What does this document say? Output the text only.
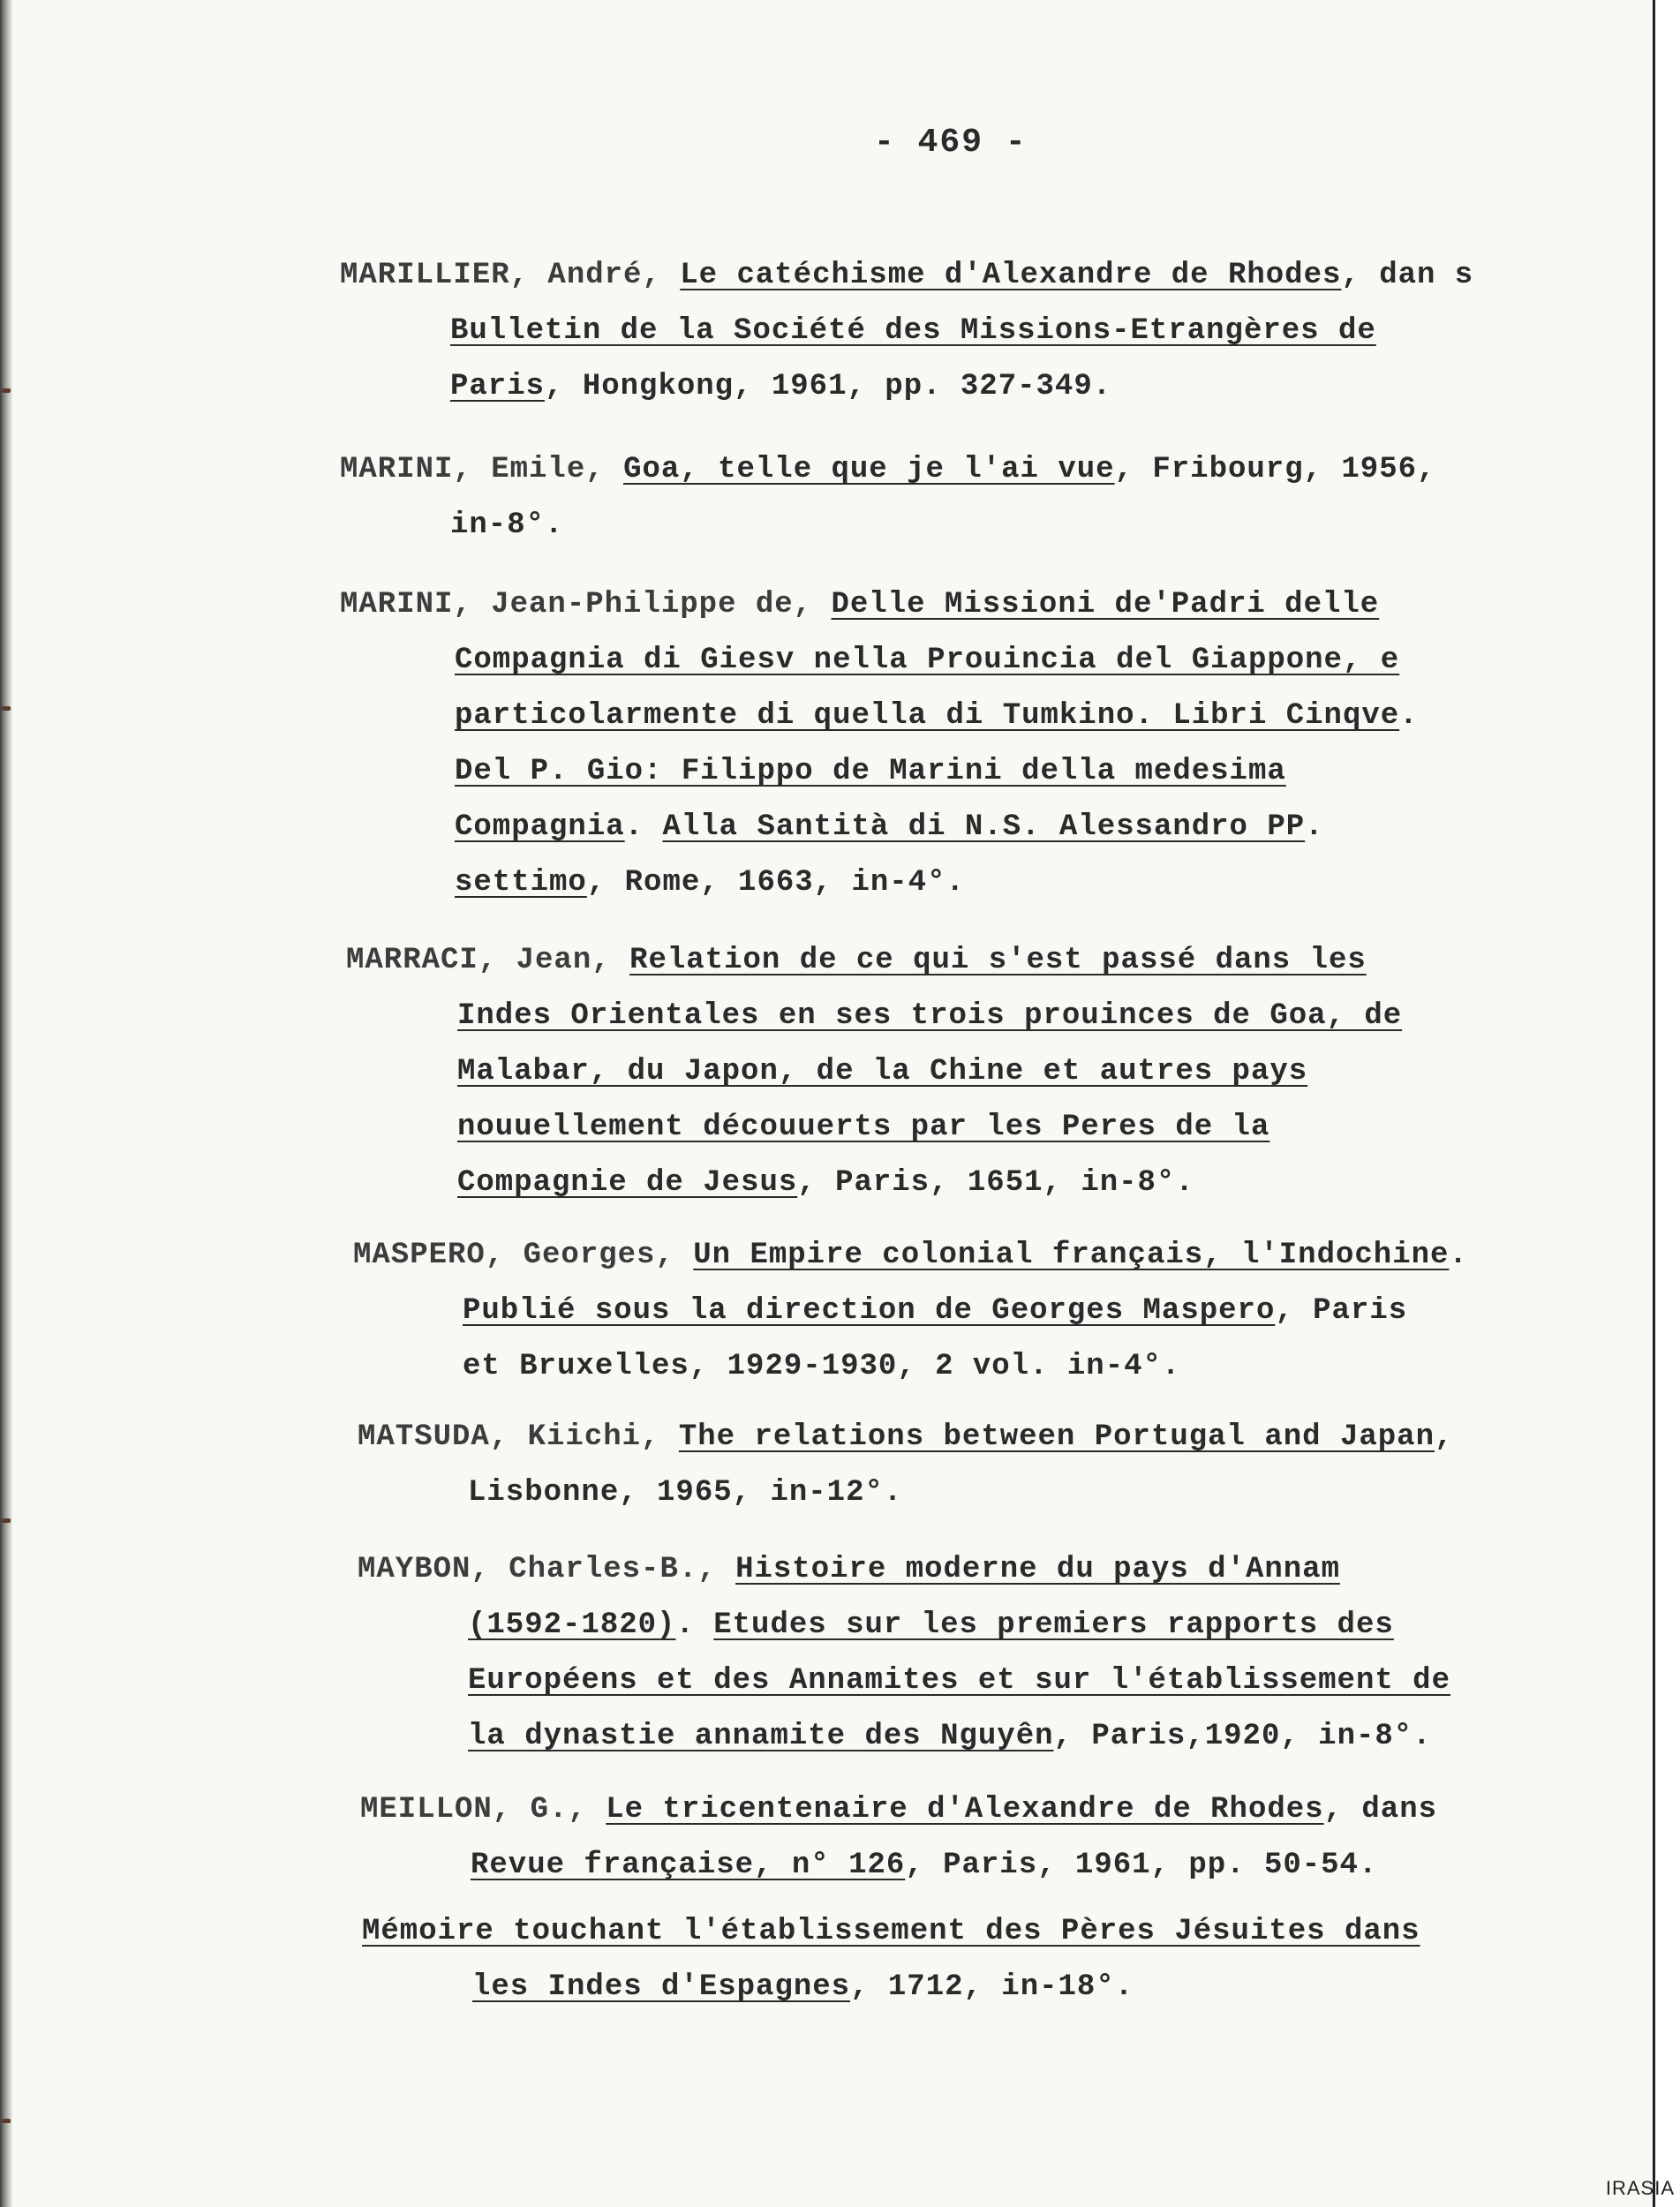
- 469 -
MARILLIER, André, Le catéchisme d'Alexandre de Rhodes, dan s
Bulletin de la Société des Missions-Etrangères de
Paris, Hongkong, 1961, pp. 327-349.
MARINI, Emile, Goa, telle que je l'ai vue, Fribourg, 1956,
in-8°.
MARINI, Jean-Philippe de, Delle Missioni de'Padri delle
Compagnia di Giesv nella Prouincia del Giappone, e
particolarmente di quella di Tumkino. Libri Cinqve.
Del P. Gio: Filippo de Marini della medesima
Compagnia. Alla Santità di N.S. Alessandro PP.
settimo, Rome, 1663, in-4°.
MARRACI, Jean, Relation de ce qui s'est passé dans les
Indes Orientales en ses trois prouinces de Goa, de
Malabar, du Japon, de la Chine et autres pays
nouuellement découuerts par les Peres de la
Compagnie de Jesus, Paris, 1651, in-8°.
MASPERO, Georges, Un Empire colonial français, l'Indochine.
Publié sous la direction de Georges Maspero, Paris
et Bruxelles, 1929-1930, 2 vol. in-4°.
MATSUDA, Kiichi, The relations between Portugal and Japan,
Lisbonne, 1965, in-12°.
MAYBON, Charles-B., Histoire moderne du pays d'Annam
(1592-1820). Etudes sur les premiers rapports des
Européens et des Annamites et sur l'établissement de
la dynastie annamite des Nguyên, Paris,1920, in-8°.
MEILLON, G., Le tricentenaire d'Alexandre de Rhodes, dans
Revue française, n° 126, Paris, 1961, pp. 50-54.
Mémoire touchant l'établissement des Pères Jésuites dans
les Indes d'Espagnes, 1712, in-18°.
IRASIA
